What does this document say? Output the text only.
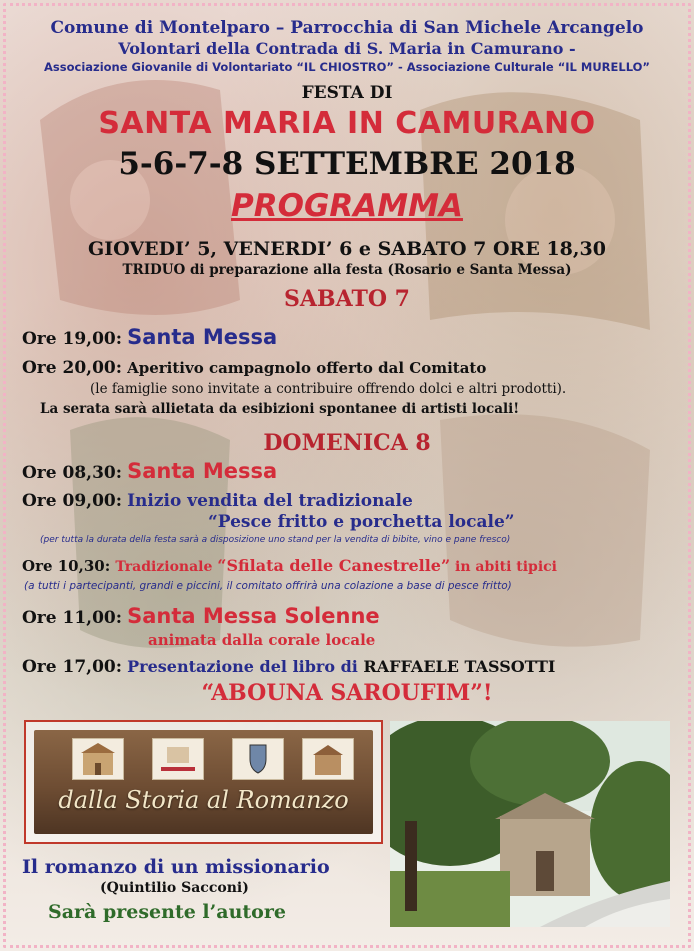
Comune di Montelparo – Parrocchia di San Michele Arcangelo
Volontari della Contrada di S. Maria in Camurano -
Associazione Giovanile di Volontariato “IL CHIOSTRO” - Associazione Culturale “IL MURELLO”
FESTA DI
SANTA MARIA IN CAMURANO
5-6-7-8 SETTEMBRE 2018
PROGRAMMA
GIOVEDI’ 5, VENERDI’ 6 e SABATO 7 ORE 18,30
TRIDUO di preparazione alla festa (Rosario e Santa Messa)
SABATO 7
Ore 19,00: Santa Messa
Ore 20,00: Aperitivo campagnolo offerto dal Comitato
(le famiglie sono invitate a contribuire offrendo dolci e altri prodotti).
La serata sarà allietata da esibizioni spontanee di artisti locali!
DOMENICA 8
Ore 08,30: Santa Messa
Ore 09,00: Inizio vendita del tradizionale
“Pesce fritto e porchetta locale”
(per tutta la durata della festa sarà a disposizione uno stand per la vendita di bibite, vino e pane fresco)
Ore 10,30: Tradizionale “Sfilata delle Canestrelle” in abiti tipici
(a tutti i partecipanti, grandi e piccini, il comitato offrirà una colazione a base di pesce fritto)
Ore 11,00: Santa Messa Solenne
animata dalla corale locale
Ore 17,00: Presentazione del libro di RAFFAELE TASSOTTI
“ABOUNA SAROUFIM”!
dalla Storia al Romanzo
Il romanzo di un missionario
(Quintilio Sacconi)
Sarà presente l’autore
